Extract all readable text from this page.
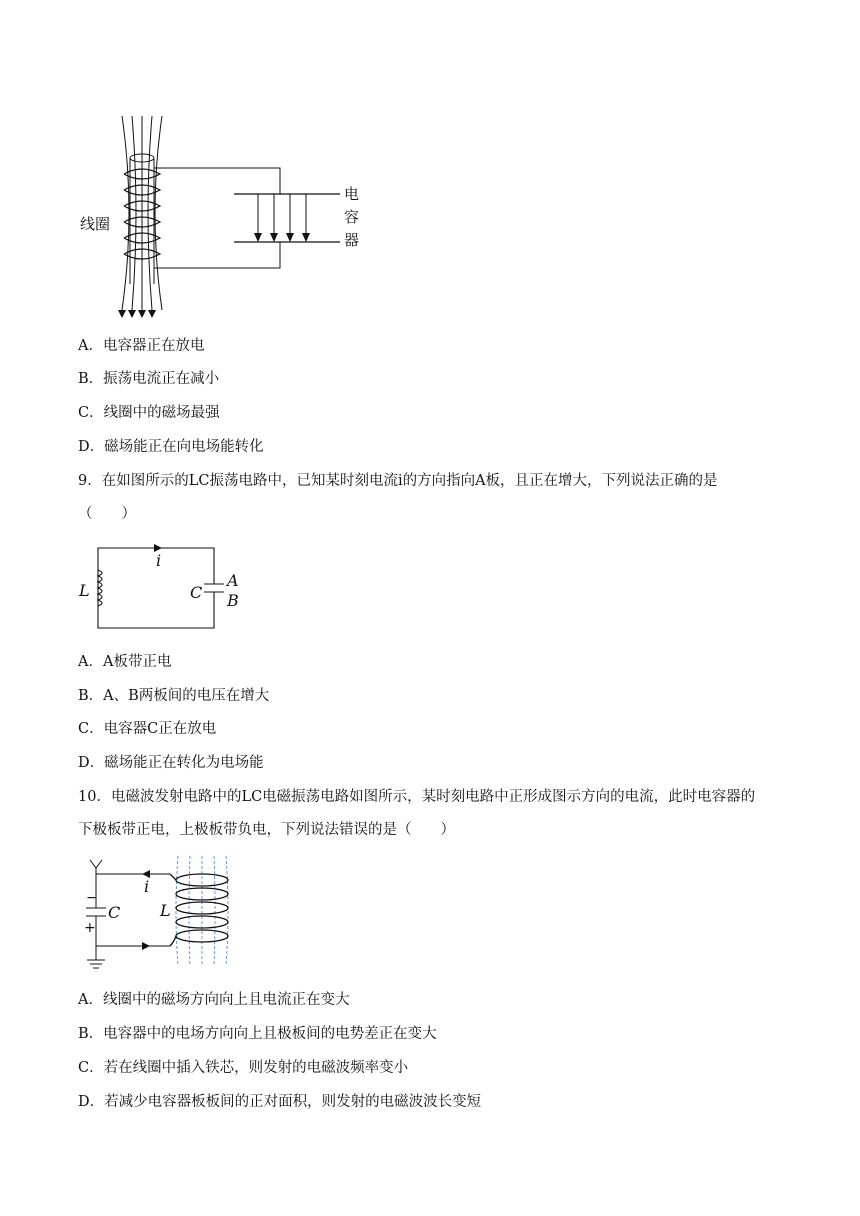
线圈
电
容
器
A．电容器正在放电
B．振荡电流正在减小
C．线圈中的磁场最强
D．磁场能正在向电场能转化
9．在如图所示的LC振荡电路中，已知某时刻电流i的方向指向A板，且正在增大，下列说法正确的是
（　　）
i
L	C
A
B
A．A板带正电
B．A、B两板间的电压在增大
C．电容器C正在放电
D．磁场能正在转化为电场能
10．电磁波发射电路中的LC电磁振荡电路如图所示，某时刻电路中正形成图示方向的电流，此时电容器的
下极板带正电，上极板带负电，下列说法错误的是（　　）
−
+
C
i
L
A．线圈中的磁场方向向上且电流正在变大
B．电容器中的电场方向向上且极板间的电势差正在变大
C．若在线圈中插入铁芯，则发射的电磁波频率变小
D．若减少电容器板板间的正对面积，则发射的电磁波波长变短
